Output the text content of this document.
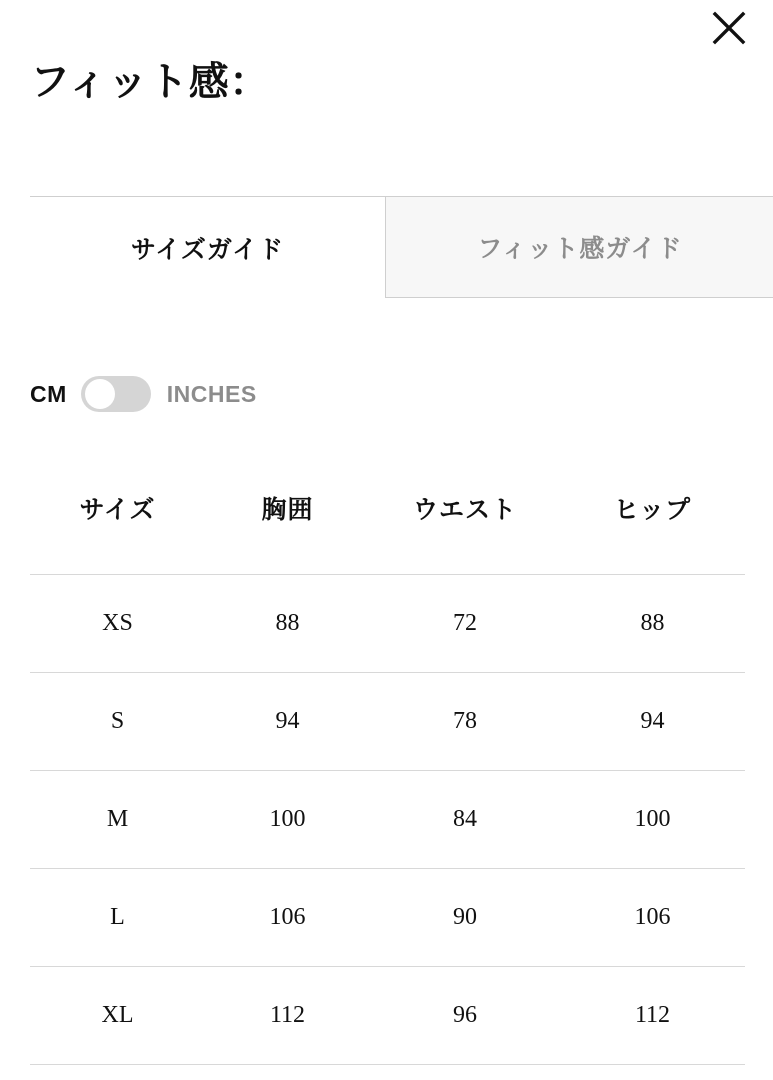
フィット感：
サイズガイド	フィット感ガイド
CM	INCHES
サイズ	胸囲	ウエスト	ヒップ
XS	88	72	88
S	94	78	94
M	100	84	100
L	106	90	106
XL	112	96	112
